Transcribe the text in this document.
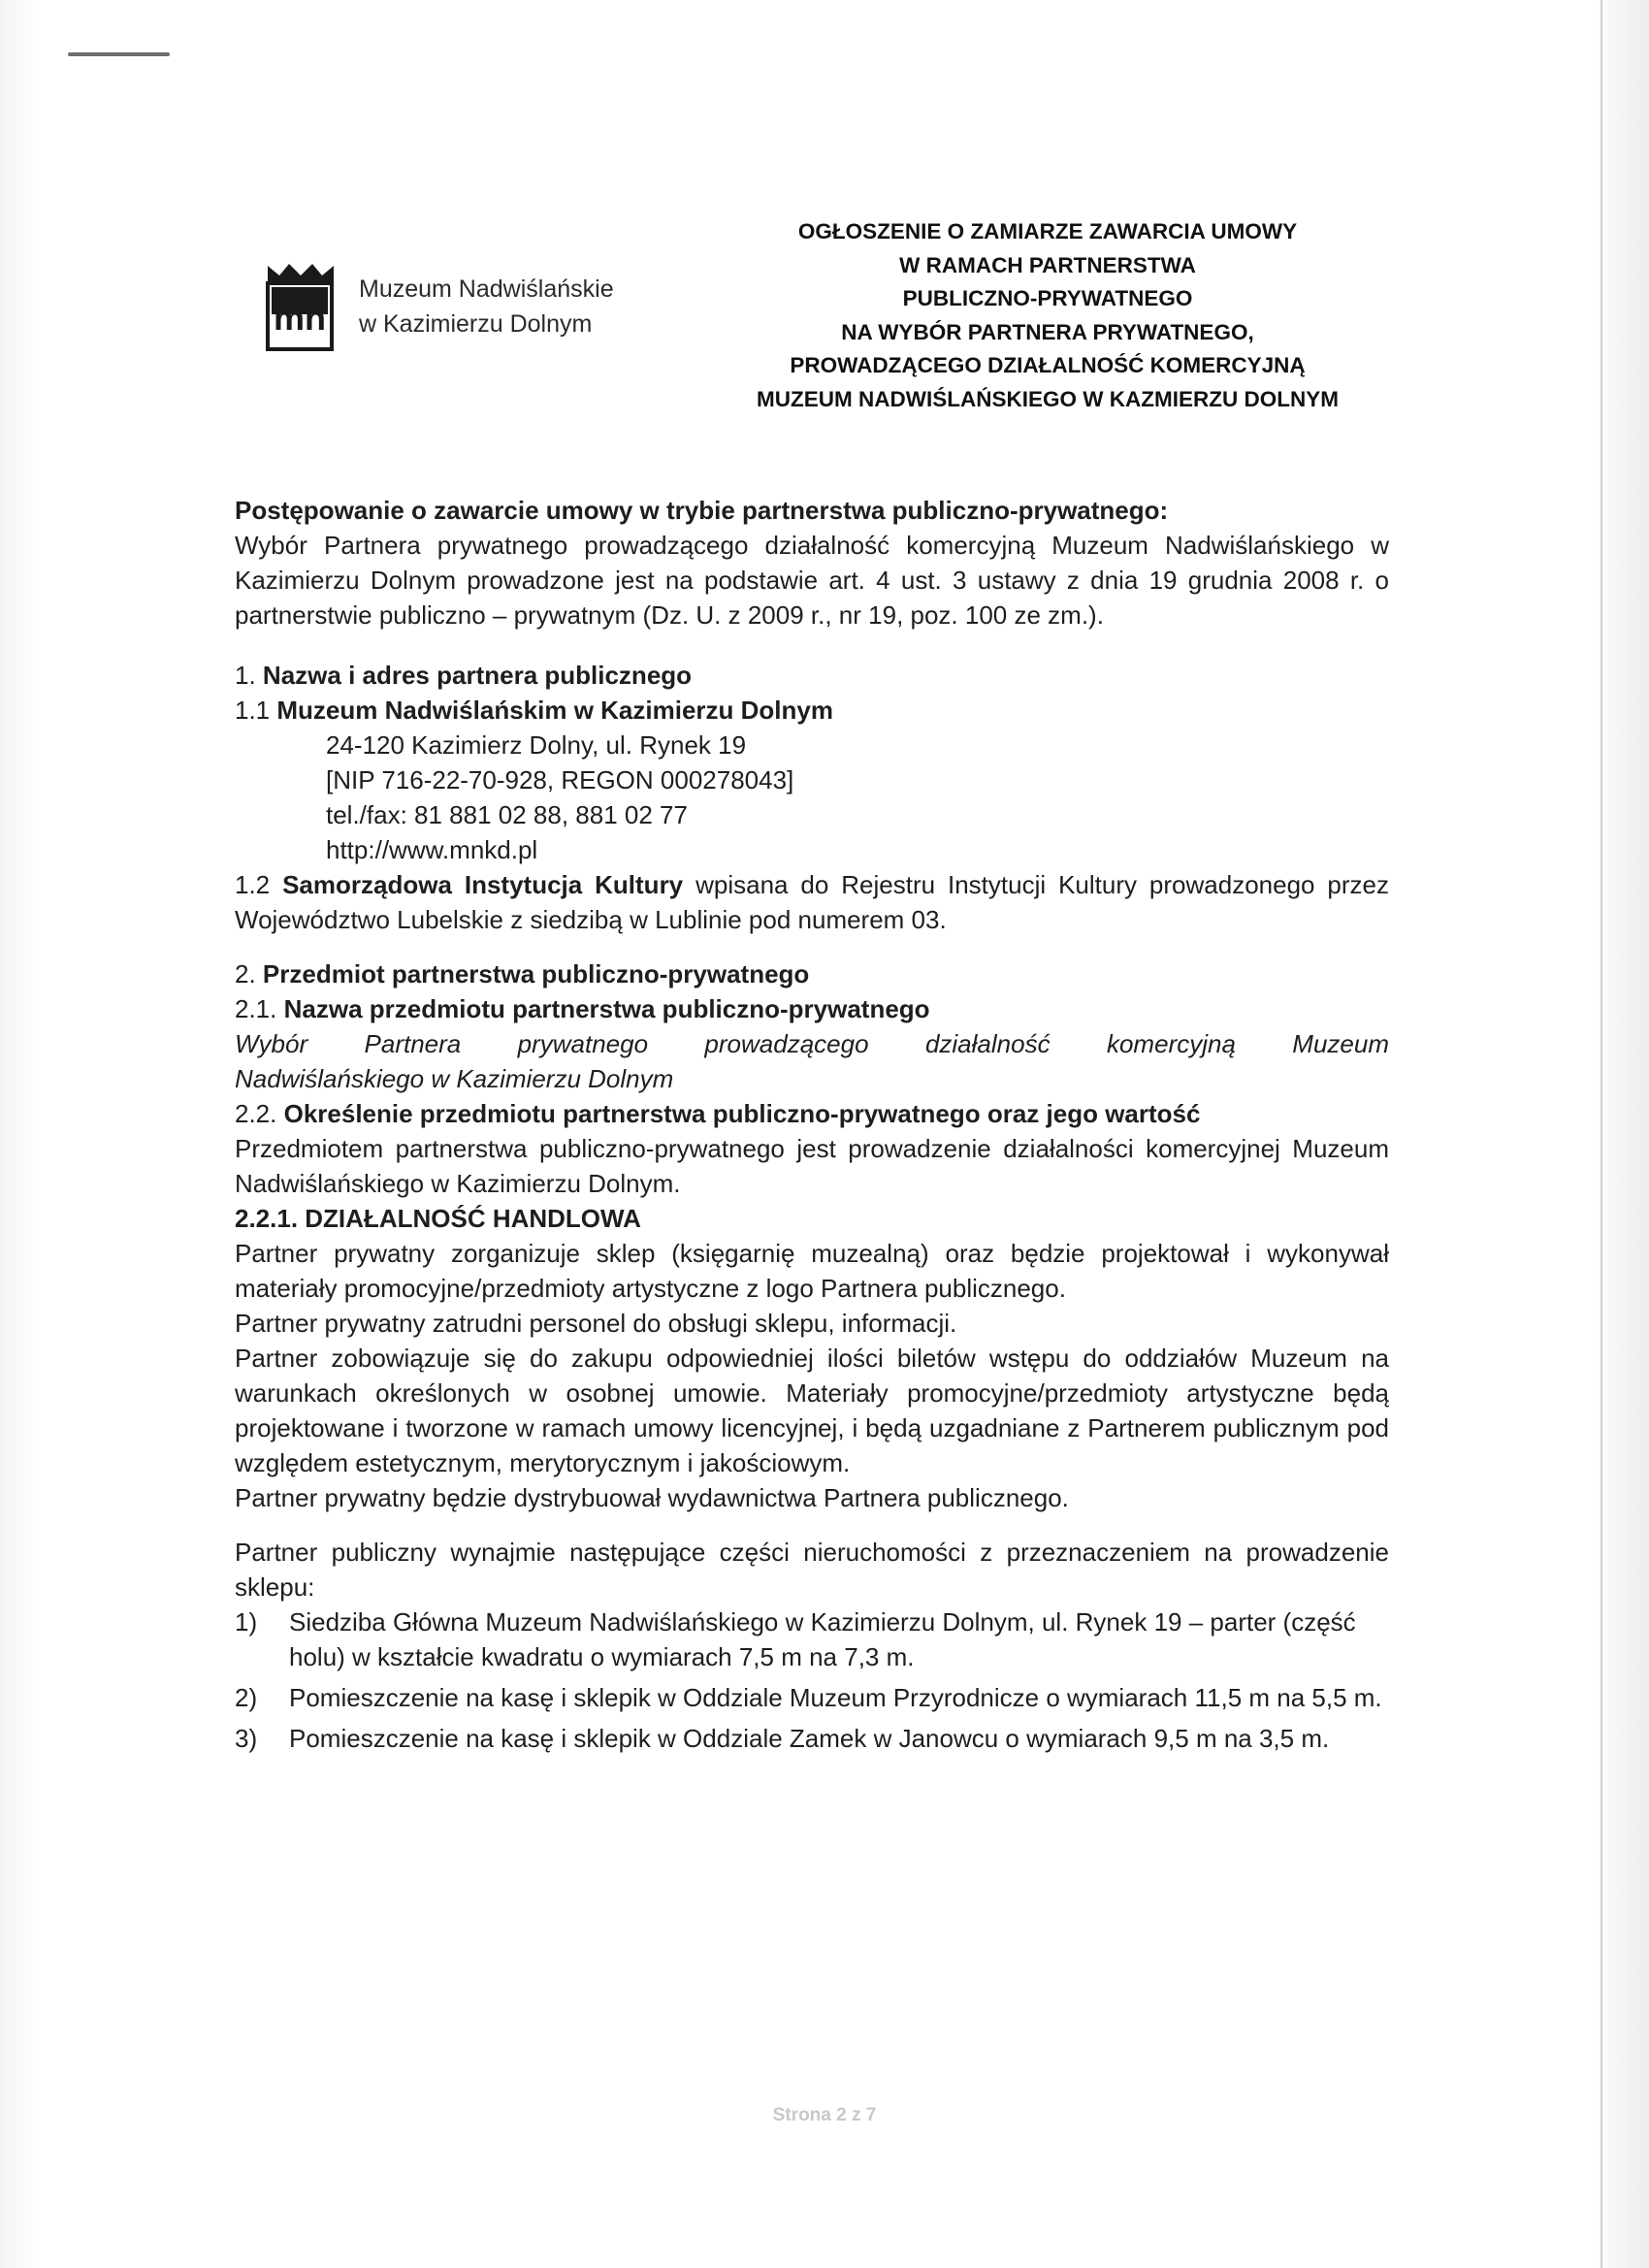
mn
Muzeum Nadwiślańskie
w Kazimierzu Dolnym
OGŁOSZENIE O ZAMIARZE ZAWARCIA UMOWY
W RAMACH PARTNERSTWA
PUBLICZNO-PRYWATNEGO
NA WYBÓR PARTNERA PRYWATNEGO,
PROWADZĄCEGO DZIAŁALNOŚĆ KOMERCYJNĄ
MUZEUM NADWIŚLAŃSKIEGO W KAZMIERZU DOLNYM

Postępowanie o zawarcie umowy w trybie partnerstwa publiczno-prywatnego:

Wybór Partnera prywatnego prowadzącego działalność komercyjną Muzeum Nadwiślańskiego w Kazimierzu Dolnym prowadzone jest na podstawie art. 4 ust. 3 ustawy z dnia 19 grudnia 2008 r. o partnerstwie publiczno – prywatnym (Dz. U. z 2009 r., nr 19, poz. 100 ze zm.).

1. Nazwa i adres partnera publicznego

1.1 Muzeum Nadwiślańskim w Kazimierzu Dolnym

24-120 Kazimierz Dolny, ul. Rynek 19

[NIP 716-22-70-928, REGON 000278043]

tel./fax: 81 881 02 88, 881 02 77

http://www.mnkd.pl

1.2 Samorządowa Instytucja Kultury wpisana do Rejestru Instytucji Kultury prowadzonego przez Województwo Lubelskie z siedzibą w Lublinie pod numerem 03.

2. Przedmiot partnerstwa publiczno-prywatnego

2.1. Nazwa przedmiotu partnerstwa publiczno-prywatnego

Wybór Partnera prywatnego prowadzącego działalność komercyjną Muzeum

Nadwiślańskiego w Kazimierzu Dolnym

2.2. Określenie przedmiotu partnerstwa publiczno-prywatnego oraz jego wartość

Przedmiotem partnerstwa publiczno-prywatnego jest prowadzenie działalności komercyjnej Muzeum Nadwiślańskiego w Kazimierzu Dolnym.

2.2.1. DZIAŁALNOŚĆ HANDLOWA

Partner prywatny zorganizuje sklep (księgarnię muzealną) oraz będzie projektował i wykonywał materiały promocyjne/przedmioty artystyczne z logo Partnera publicznego.

Partner prywatny zatrudni personel do obsługi sklepu, informacji.

Partner zobowiązuje się do zakupu odpowiedniej ilości biletów wstępu do oddziałów Muzeum na warunkach określonych w osobnej umowie. Materiały promocyjne/przedmioty artystyczne będą projektowane i tworzone w ramach umowy licencyjnej, i będą uzgadniane z Partnerem publicznym pod względem estetycznym, merytorycznym i jakościowym.

Partner prywatny będzie dystrybuował wydawnictwa Partnera publicznego.

Partner publiczny wynajmie następujące części nieruchomości z przeznaczeniem na prowadzenie sklepu:

1)	Siedziba Główna Muzeum Nadwiślańskiego w Kazimierzu Dolnym, ul. Rynek 19 – parter (część holu) w kształcie kwadratu o wymiarach 7,5 m na 7,3 m.
2)	Pomieszczenie na kasę i sklepik w Oddziale Muzeum Przyrodnicze o wymiarach 11,5 m na 5,5 m.
3)	Pomieszczenie na kasę i sklepik w Oddziale Zamek w Janowcu o wymiarach 9,5 m na 3,5 m.
Strona 2 z 7
